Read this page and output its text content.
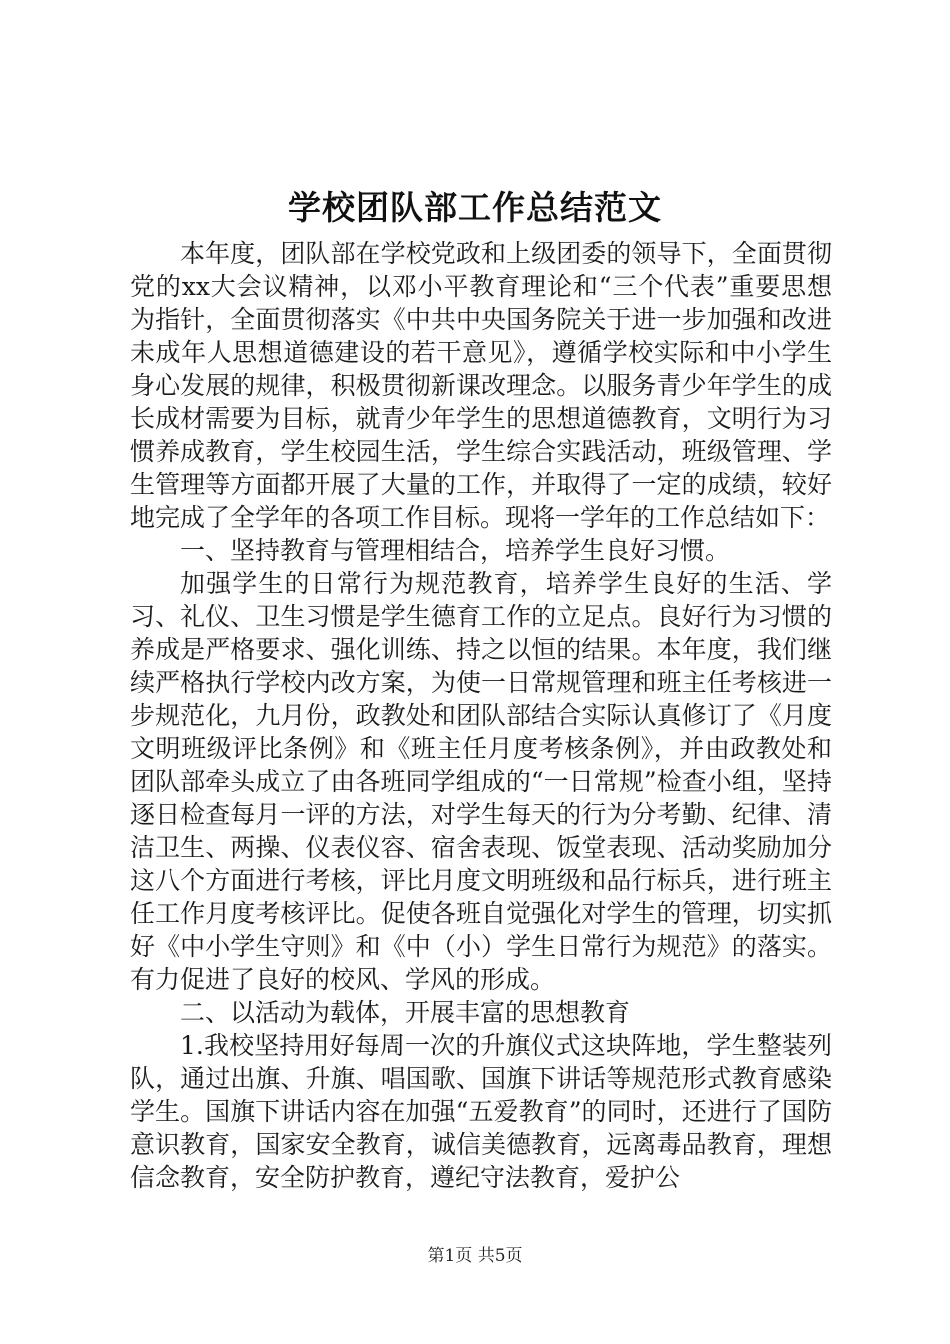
学校团队部工作总结范文

本年度，团队部在学校党政和上级团委的领导下，全面贯彻党的xx大会议精神，以邓小平教育理论和“三个代表”重要思想为指针，全面贯彻落实《中共中央国务院关于进一步加强和改进未成年人思想道德建设的若干意见》，遵循学校实际和中小学生身心发展的规律，积极贯彻新课改理念。以服务青少年学生的成长成材需要为目标，就青少年学生的思想道德教育，文明行为习惯养成教育，学生校园生活，学生综合实践活动，班级管理、学生管理等方面都开展了大量的工作，并取得了一定的成绩，较好地完成了全学年的各项工作目标。现将一学年的工作总结如下：

一、坚持教育与管理相结合，培养学生良好习惯。

加强学生的日常行为规范教育，培养学生良好的生活、学习、礼仪、卫生习惯是学生德育工作的立足点。良好行为习惯的养成是严格要求、强化训练、持之以恒的结果。本年度，我们继续严格执行学校内改方案，为使一日常规管理和班主任考核进一步规范化，九月份，政教处和团队部结合实际认真修订了《月度文明班级评比条例》和《班主任月度考核条例》，并由政教处和团队部牵头成立了由各班同学组成的“一日常规”检查小组，坚持逐日检查每月一评的方法，对学生每天的行为分考勤、纪律、清洁卫生、两操、仪表仪容、宿舍表现、饭堂表现、活动奖励加分这八个方面进行考核，评比月度文明班级和品行标兵，进行班主任工作月度考核评比。促使各班自觉强化对学生的管理，切实抓好《中小学生守则》和《中（小）学生日常行为规范》的落实。有力促进了良好的校风、学风的形成。

二、以活动为载体，开展丰富的思想教育

1.我校坚持用好每周一次的升旗仪式这块阵地，学生整装列队，通过出旗、升旗、唱国歌、国旗下讲话等规范形式教育感染学生。国旗下讲话内容在加强“五爱教育”的同时，还进行了国防意识教育，国家安全教育，诚信美德教育，远离毒品教育，理想信念教育，安全防护教育，遵纪守法教育，爱护公

第1页 共5页
